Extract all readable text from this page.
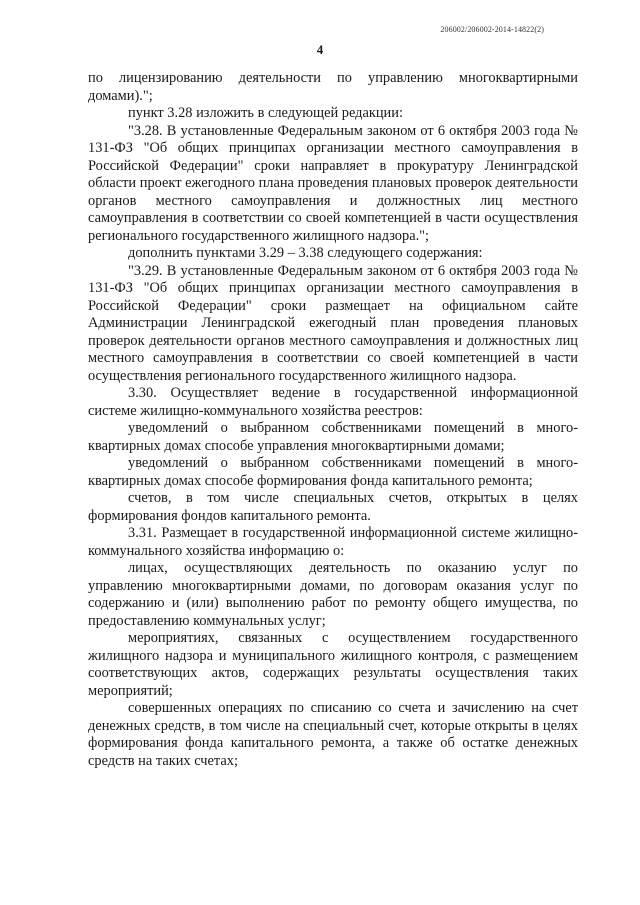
206002/206002-2014-14822(2)
4

по лицензированию деятельности по управлению многоквартирными домами).";

пункт 3.28 изложить в следующей редакции:

"3.28. В установленные Федеральным законом от 6 октября 2003 года № 131-ФЗ "Об общих принципах организации местного самоуправления в Российской Федерации" сроки направляет в прокуратуру Ленинградской области проект ежегодного плана проведения плановых проверок деятельности органов местного самоуправления и должностных лиц местного самоуправления в соответствии со своей компетенцией в части осуществления регионального государственного жилищного надзора.";

дополнить пунктами 3.29 – 3.38 следующего содержания:

"3.29. В установленные Федеральным законом от 6 октября 2003 года № 131-ФЗ "Об общих принципах организации местного самоуправления в Российской Федерации" сроки размещает на официальном сайте Администрации Ленинградской ежегодный план проведения плановых проверок деятельности органов местного самоуправления и должностных лиц местного самоуправления в соответствии со своей компетенцией в части осуществления регионального государственного жилищного надзора.

3.30. Осуществляет ведение в государственной информационной системе жилищно-коммунального хозяйства реестров:

уведомлений о выбранном собственниками помещений в много-квартирных домах способе управления многоквартирными домами;

уведомлений о выбранном собственниками помещений в много-квартирных домах способе формирования фонда капитального ремонта;

счетов, в том числе специальных счетов, открытых в целях формирования фондов капитального ремонта.

3.31. Размещает в государственной информационной системе жилищно-коммунального хозяйства информацию о:

лицах, осуществляющих деятельность по оказанию услуг по управлению многоквартирными домами, по договорам оказания услуг по содержанию и (или) выполнению работ по ремонту общего имущества, по предоставлению коммунальных услуг;

мероприятиях, связанных с осуществлением государственного жилищного надзора и муниципального жилищного контроля, с размещением соответствующих актов, содержащих результаты осуществления таких мероприятий;

совершенных операциях по списанию со счета и зачислению на счет денежных средств, в том числе на специальный счет, которые открыты в целях формирования фонда капитального ремонта, а также об остатке денежных средств на таких счетах;
